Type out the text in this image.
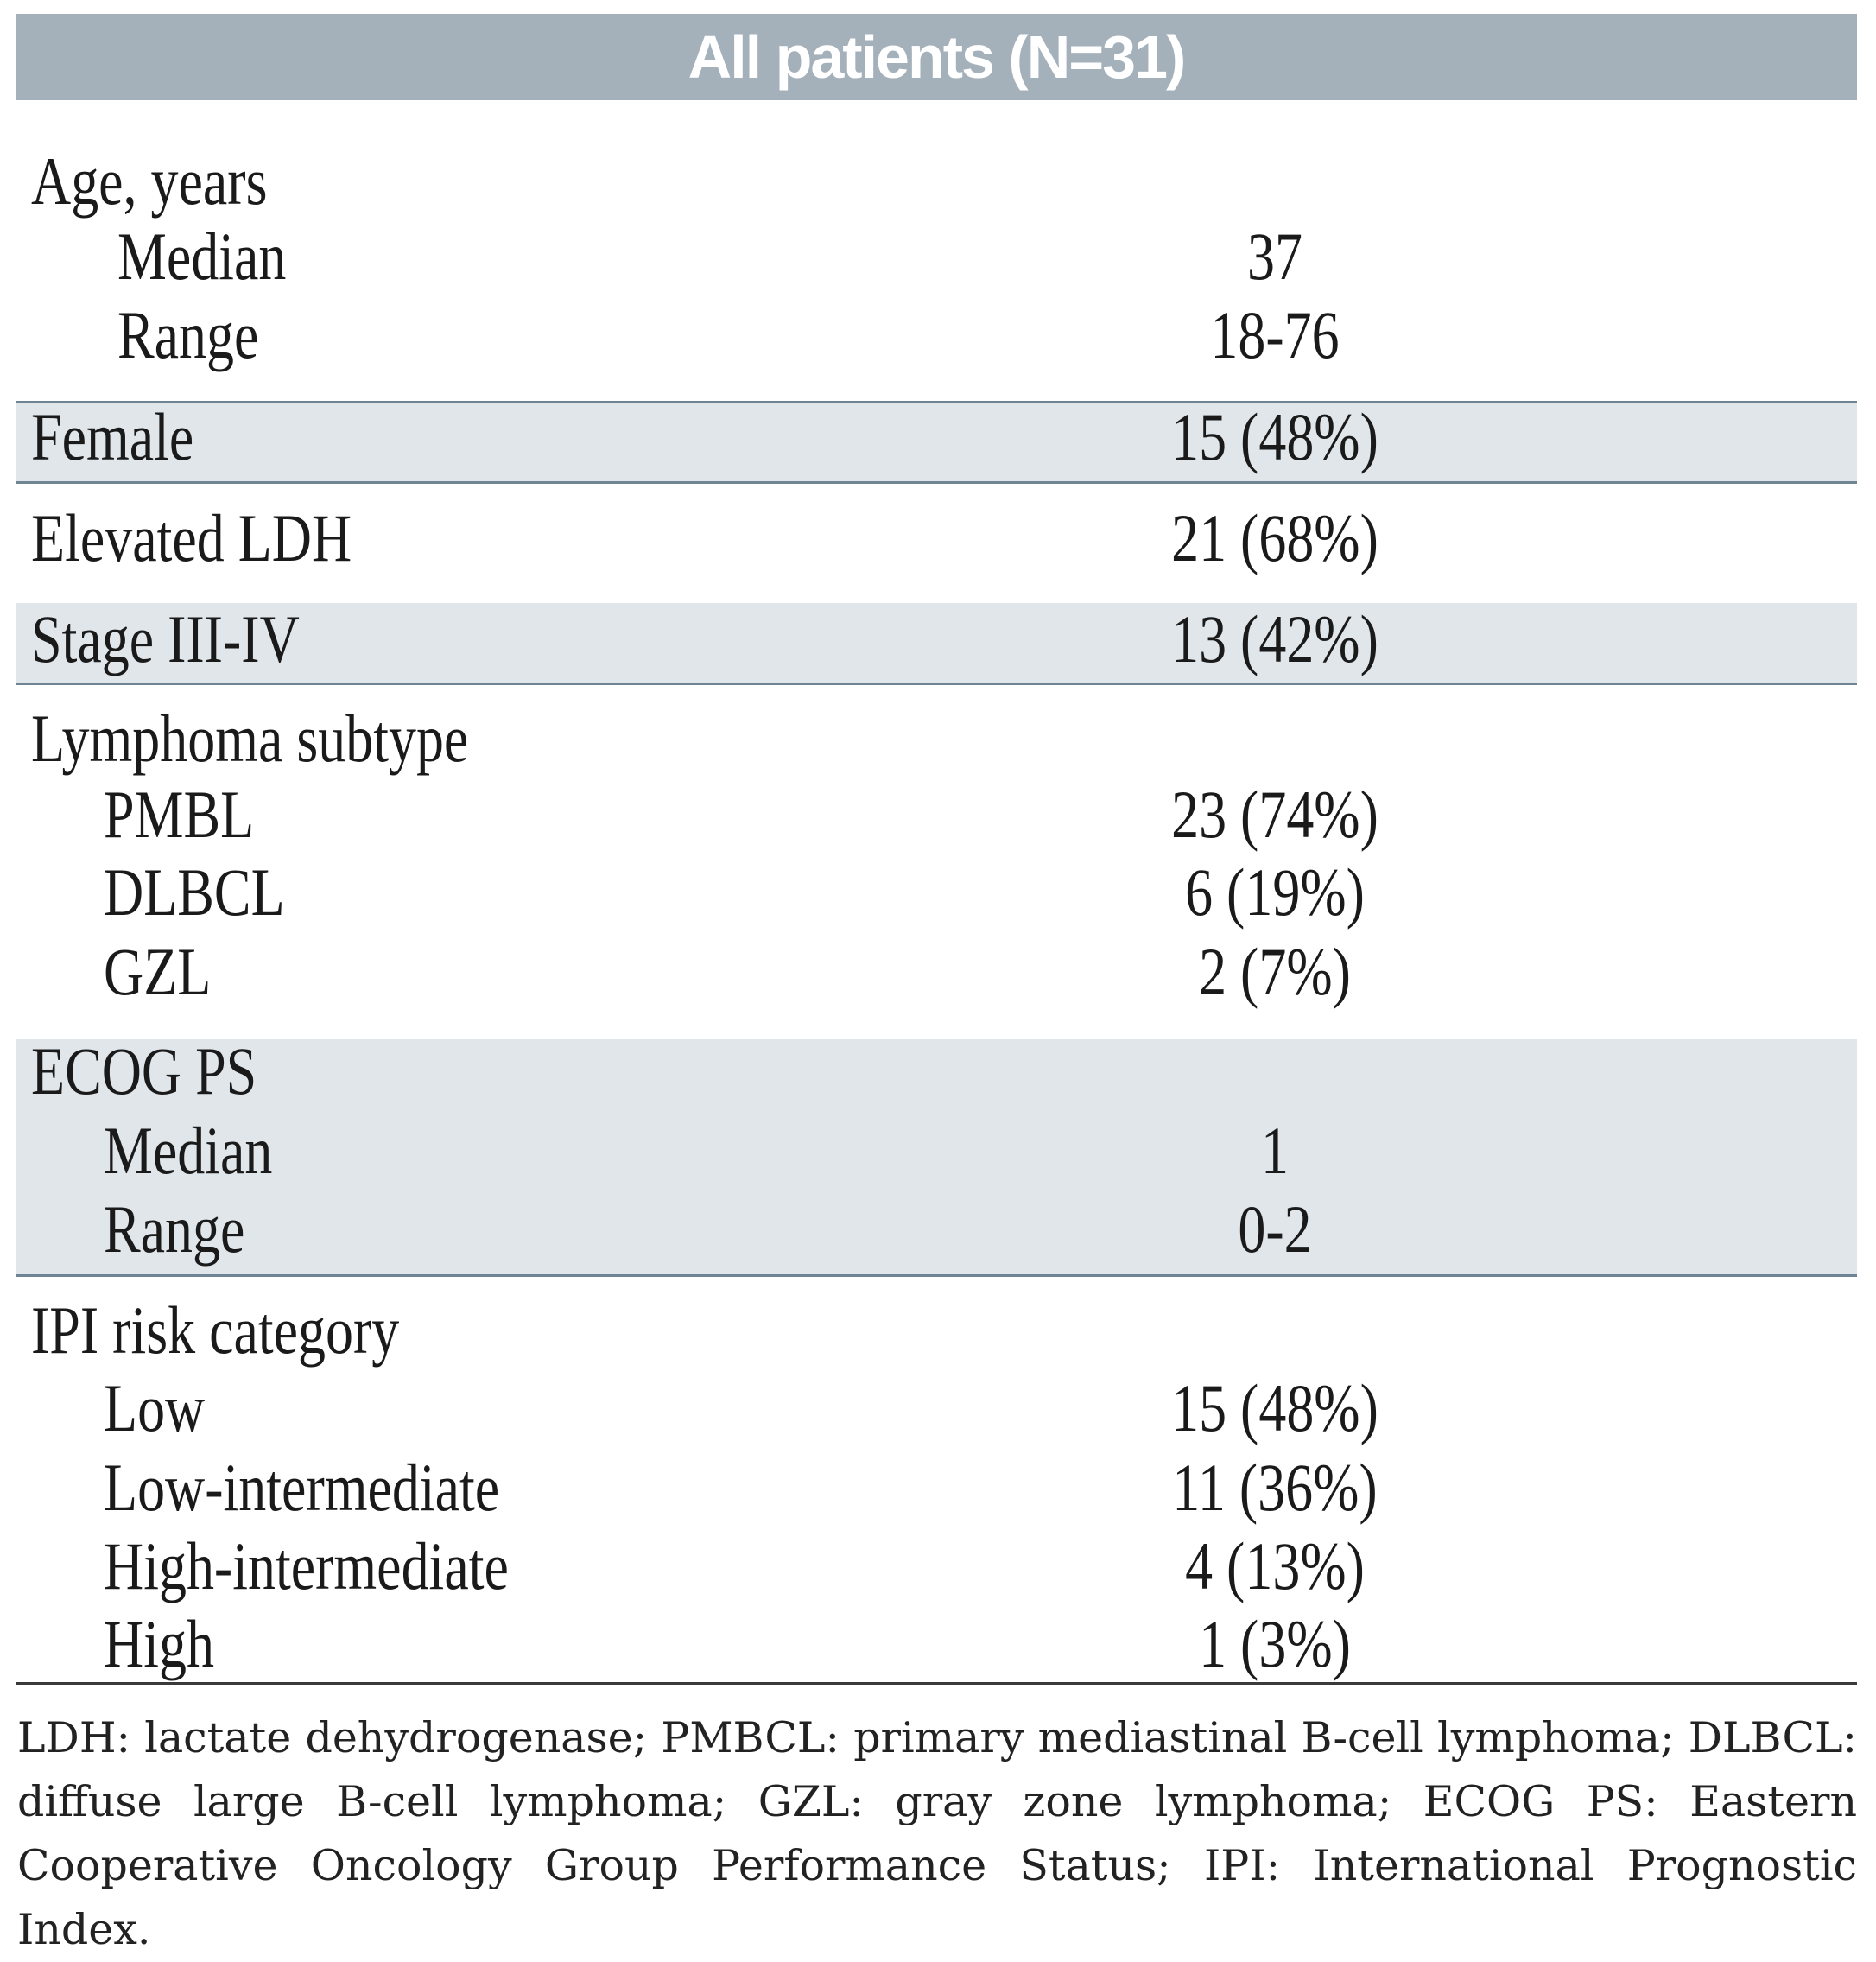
All patients (N=31)
Age, years
Median	37
Range	18-76
Female	15 (48%)
Elevated LDH	21 (68%)
Stage III-IV	13 (42%)
Lymphoma subtype
PMBL	23 (74%)
DLBCL	6 (19%)
GZL	2 (7%)
ECOG PS
Median	1
Range	0-2
IPI risk category
Low	15 (48%)
Low-intermediate	11 (36%)
High-intermediate	4 (13%)
High	1 (3%)
LDH: lactate dehydrogenase; PMBCL: primary mediastinal B-cell lymphoma; DLBCL: diffuse large B-cell lymphoma; GZL: gray zone lymphoma; ECOG PS: Eastern Cooperative Oncology Group Performance Status; IPI: International Prognostic Index.
